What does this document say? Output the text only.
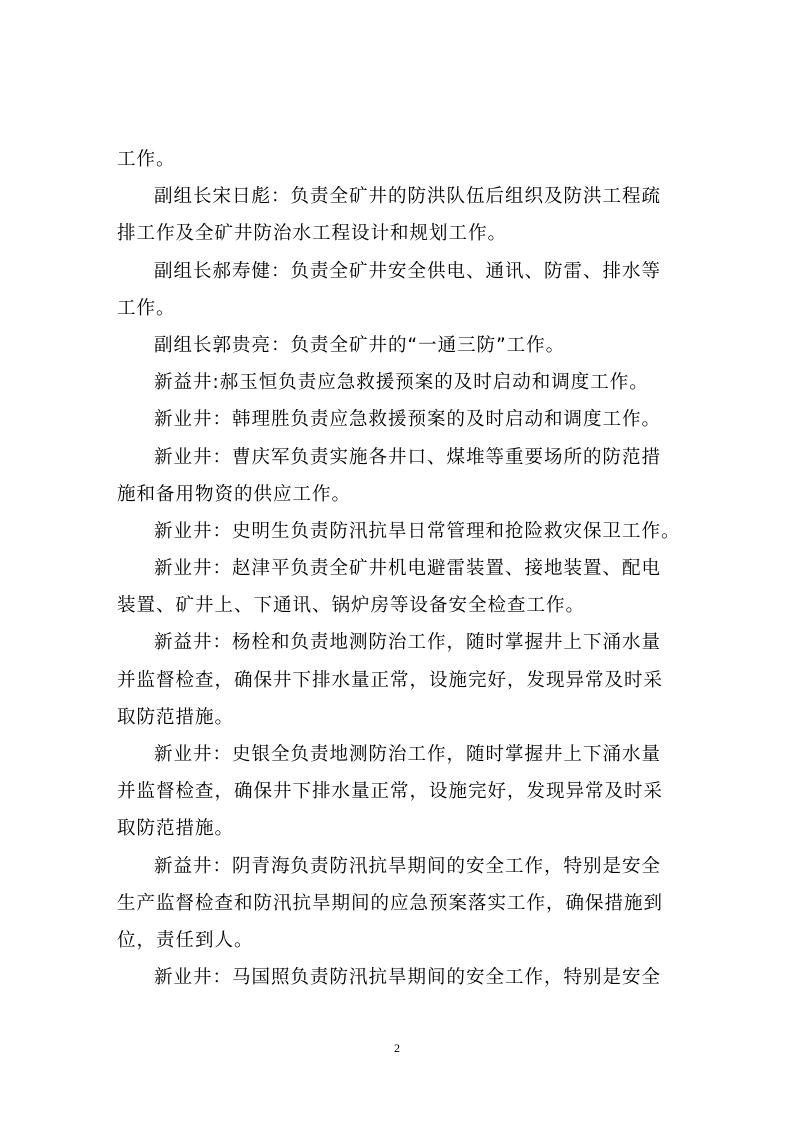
工作。
副组长宋日彪：负责全矿井的防洪队伍后组织及防洪工程疏
排工作及全矿井防治水工程设计和规划工作。
副组长郝寿健：负责全矿井安全供电、通讯、防雷、排水等
工作。
副组长郭贵亮：负责全矿井的“一通三防”工作。
新益井:郝玉恒负责应急救援预案的及时启动和调度工作。
新业井：韩理胜负责应急救援预案的及时启动和调度工作。
新业井：曹庆军负责实施各井口、煤堆等重要场所的防范措
施和备用物资的供应工作。
新业井：史明生负责防汛抗旱日常管理和抢险救灾保卫工作。
新业井：赵津平负责全矿井机电避雷装置、接地装置、配电
装置、矿井上、下通讯、锅炉房等设备安全检查工作。
新益井：杨栓和负责地测防治工作，随时掌握井上下涌水量
并监督检查，确保井下排水量正常，设施完好，发现异常及时采
取防范措施。
新业井：史银全负责地测防治工作，随时掌握井上下涌水量
并监督检查，确保井下排水量正常，设施完好，发现异常及时采
取防范措施。
新益井：阴青海负责防汛抗旱期间的安全工作，特别是安全
生产监督检查和防汛抗旱期间的应急预案落实工作，确保措施到
位，责任到人。
新业井：马国照负责防汛抗旱期间的安全工作，特别是安全
2
